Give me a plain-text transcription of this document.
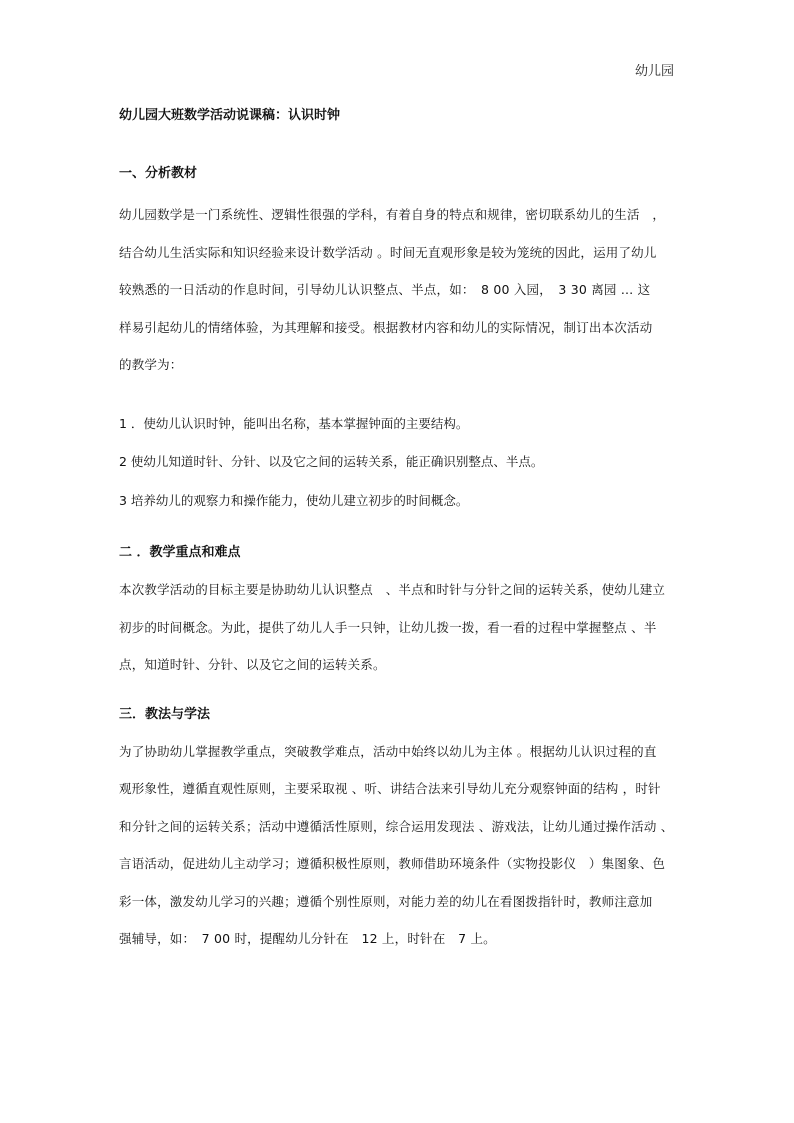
幼儿园
幼儿园大班数学活动说课稿：认识时钟
一、分析教材

幼儿园数学是一门系统性、逻辑性很强的学科，有着自身的特点和规律，密切联系幼儿的生活　，
结合幼儿生活实际和知识经验来设计数学活动 。时间无直观形象是较为笼统的因此，运用了幼儿
较熟悉的一日活动的作息时间，引导幼儿认识整点、半点，如：　8 00 入园，　3 30 离园 … 这
样易引起幼儿的情绪体验，为其理解和接受。根据教材内容和幼儿的实际情况，制订出本次活动
的教学为：

1 ．使幼儿认识时钟，能叫出名称，基本掌握钟面的主要结构。
2 使幼儿知道时针、分针、以及它之间的运转关系，能正确识别整点、半点。
3 培养幼儿的观察力和操作能力，使幼儿建立初步的时间概念。
二 ．教学重点和难点

本次教学活动的目标主要是协助幼儿认识整点　、半点和时针与分针之间的运转关系，使幼儿建立
初步的时间概念。为此，提供了幼儿人手一只钟，让幼儿拨一拨，看一看的过程中掌握整点 、半
点，知道时针、分针、以及它之间的运转关系。

三．教法与学法

为了协助幼儿掌握教学重点，突破教学难点，活动中始终以幼儿为主体 。根据幼儿认识过程的直
观形象性，遵循直观性原则，主要采取视 、听、讲结合法来引导幼儿充分观察钟面的结构 ，时针
和分针之间的运转关系；活动中遵循活性原则，综合运用发现法 、游戏法，让幼儿通过操作活动 、
言语活动，促进幼儿主动学习；遵循积极性原则，教师借助环境条件（实物投影仪　）集图象、色
彩一体，激发幼儿学习的兴趣；遵循个别性原则，对能力差的幼儿在看图拨指针时，教师注意加
强辅导，如：　7 00 时，提醒幼儿分针在　12 上，时针在　7 上。
